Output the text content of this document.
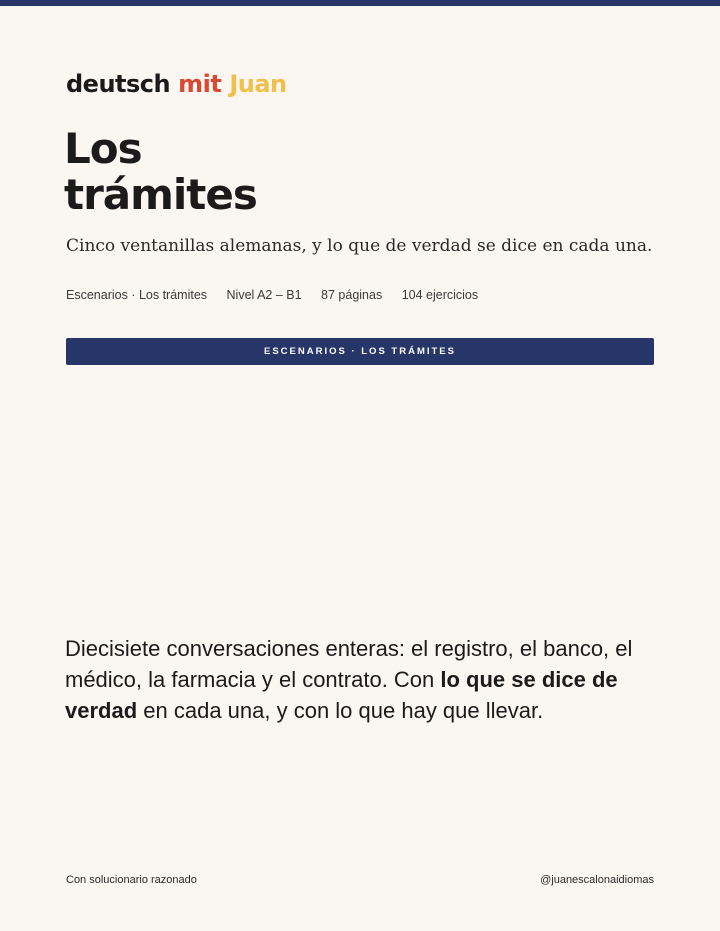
deutsch mit Juan
Los
trámites
Cinco ventanillas alemanas, y lo que de verdad se dice en cada una.
Escenarios · Los trámites Nivel A2 – B1 87 páginas 104 ejercicios
ESCENARIOS · LOS TRÁMITES

Diecisiete conversaciones enteras: el registro, el banco, el médico, la farmacia y el contrato. Con lo que se dice de verdad en cada una, y con lo que hay que llevar.

Con solucionario razonado	@juanescalonaidiomas
